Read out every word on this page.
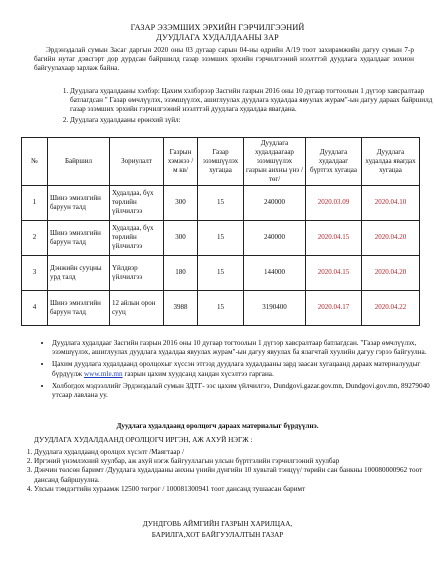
ГАЗАР ЭЗЭМШИХ ЭРХИЙН ГЭРЧИЛГЭЭНИЙ
ДУУДЛАГА ХУДАЛДААНЫ ЗАР
Эрдэнэдалай сумын Засаг даргын 2020 оны 03 дугаар сарын 04-ны өдрийн А/19 тоот захирамжийн дагуу сумын 7-р багийн нутаг дэвсгэрт дор дурдсан байршилд газар эзэмших эрхийн гэрчилгээний нээлттэй дуудлага худалдааг зохион байгуулахаар зарлаж байна.
1. Дуудлага худалдааны хэлбэр: Цахим хэлбэрээр Засгийн газрын 2016 оны 10 дугаар тогтоолын 1 дүгээр хавсралтаар батлагдсан " Газар өмчлүүлэх, эзэмшүүлэх, ашиглуулах дуудлага худалдаа явуулах журам"-ын дагуу дараах байршилд газар эзэмших эрхийн гэрчилгээний нээлттэй дуудлага худалдаа явагдана.
2. Дуудлага худалдааны ерөнхий зүйл:
№	Байршил	Зориулалт	Газрын хэмжээ /м кв/	Газар эзэмшүүлэх хугацаа	Дуудлага худалдаагаар эзэмшүүлэх газрын анхны үнэ /төг/	Дуудлага худалдааг бүртгэх хугацаа	Дуудлага худалдаа явагдах хугацаа
1	Шинэ эмнэлгийн баруун талд	Худалдаа, бүх төрлийн үйлчилгээ	300	15	240000	2020.03.09	2020.04.10
2	Шинэ эмнэлгийн баруун талд	Худалдаа, бүх төрлийн үйлчилгээ	300	15	240000	2020.04.15	2020.04.20
3	Дэнжийн сууцны урд талд	Үйлдвэр үйлчилгээ	180	15	144000	2020.04.15	2020.04.20
4	Шинэ эмнэлгийн баруун талд	12 айлын орон сууц	3988	15	3190400	2020.04.17	2020.04.22
• Дуудлага худалдааг Засгийн газрын 2016 оны 10 дугаар тогтоолын 1 дүгээр хавсралтаар батлагдсан. "Газар өмчлүүлэх, эзэмшүүлэх, ашиглуулах дуудлага худалдаа явуулах журам"-ын дагуу явуулах ба ялагчтай хуулийн дагуу гэрээ байгуулна.
• Цахим дуудлага худалдаанд оролцохыг хүссэн этгээд дуудлага худалдааны зард заасан хугацаанд дараах материалуудыг бүрдүүлж www.mle.mn газрын цахим хуудсанд хандан хүсэлтээ гаргана.
• Холбогдох мэдээллийг Эрдэнэдалай сумын ЗДТГ- ээс цахим үйлчилгээ, Dundgovi.gazar.gov.mn, Dundgovi.gov.mn, 89279040 утсаар лавлана уу.
Дуудлага худалдаанд оролцогч дараах материалыг бүрдүүлнэ.
ДУУДЛАГА ХУДАЛДААНД ОРОЛЦОГЧ ИРГЭН, АЖ АХУЙ НЭГЖ :
1. Дуудлага худалдаанд оролцох хүсэлт /Маягтаар /
2. Иргэний үнэмлэхний хуулбар, аж ахуй нэгж байгууллагын улсын бүртгэлийн гэрчилгээний хуулбар
3. Дэнчин төлсөн баримт /Дуудлага худалдааны анхны үнийн дүнгийн 10 хувьтай тэнцүү/ төрийн сан банкны 100080000962 тоот дансанд байршуулна.
4. Улсын тэмдэгтийн хураамж 12500 төгрөг / 100081300941 тоот дансанд тушаасан баримт
ДУНДГОВЬ АЙМГИЙН ГАЗРЫН ХАРИЛЦАА,
БАРИЛГА,ХОТ БАЙГУУЛАЛТЫН ГАЗАР
